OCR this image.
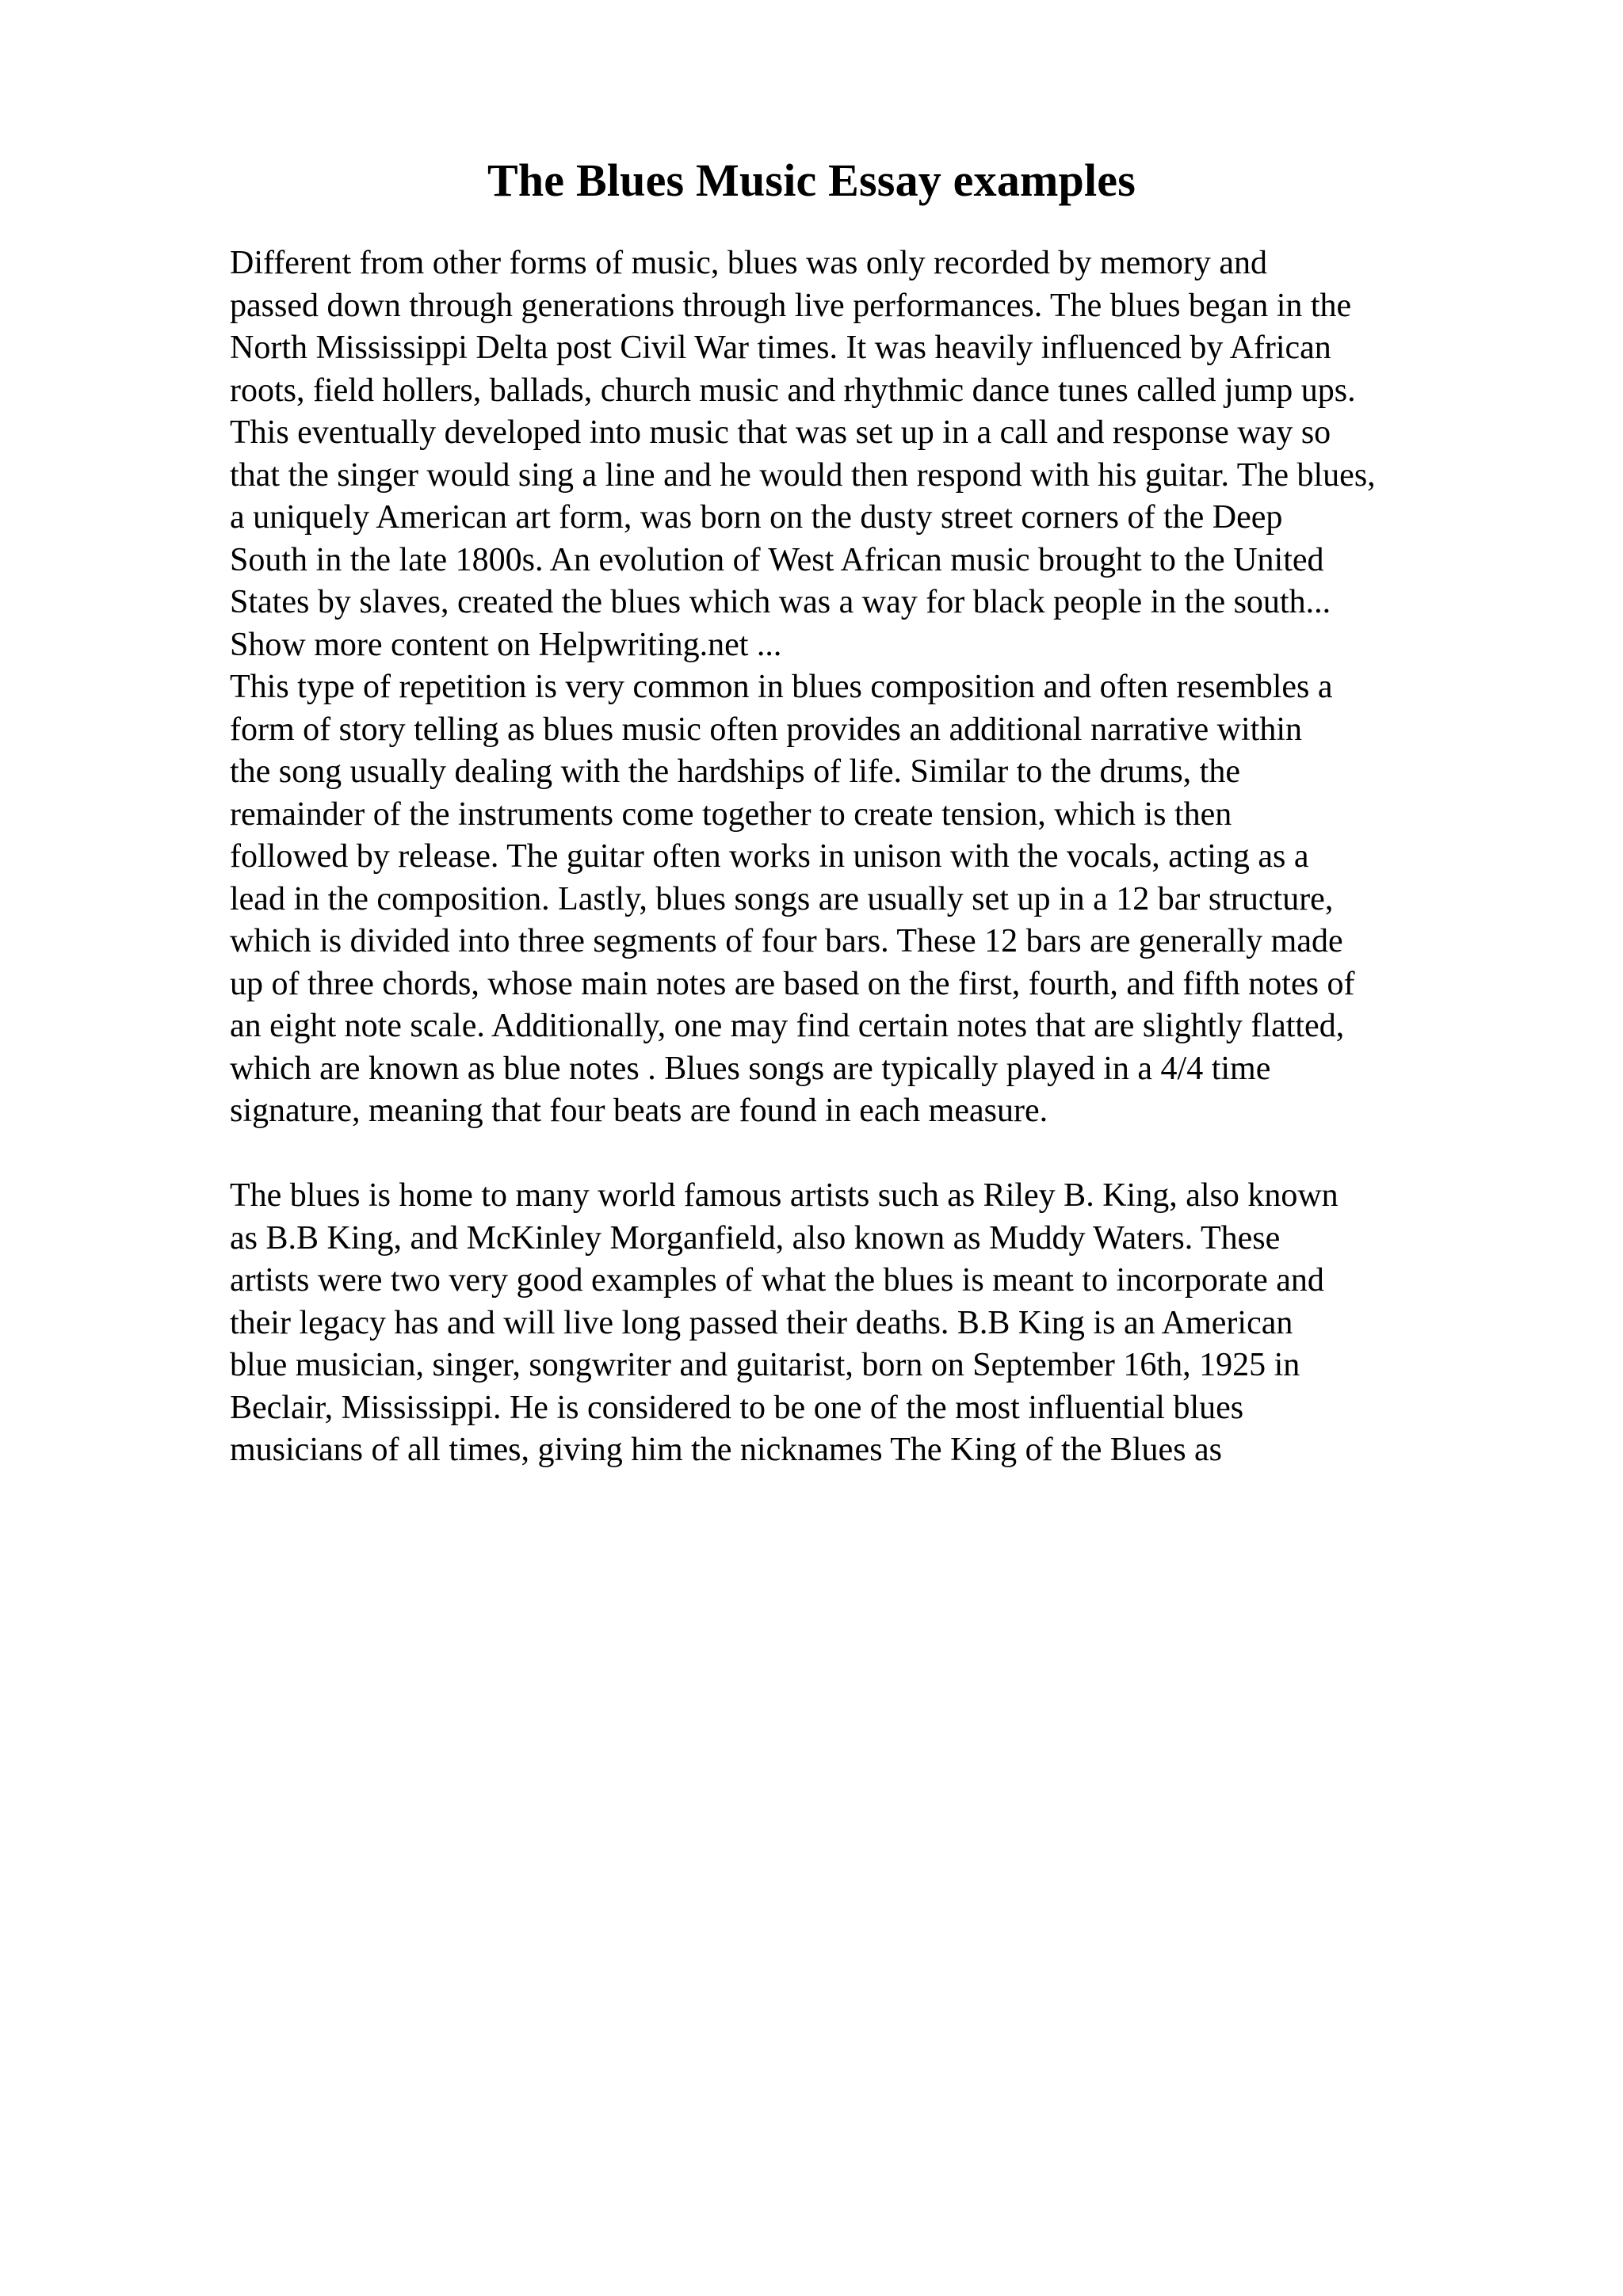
The Blues Music Essay examples
Different from other forms of music, blues was only recorded by memory and
passed down through generations through live performances. The blues began in the
North Mississippi Delta post Civil War times. It was heavily influenced by African
roots, field hollers, ballads, church music and rhythmic dance tunes called jump ups.
This eventually developed into music that was set up in a call and response way so
that the singer would sing a line and he would then respond with his guitar. The blues,
a uniquely American art form, was born on the dusty street corners of the Deep
South in the late 1800s. An evolution of West African music brought to the United
States by slaves, created the blues which was a way for black people in the south...
Show more content on Helpwriting.net ...
This type of repetition is very common in blues composition and often resembles a
form of story telling as blues music often provides an additional narrative within
the song usually dealing with the hardships of life. Similar to the drums, the
remainder of the instruments come together to create tension, which is then
followed by release. The guitar often works in unison with the vocals, acting as a
lead in the composition. Lastly, blues songs are usually set up in a 12 bar structure,
which is divided into three segments of four bars. These 12 bars are generally made
up of three chords, whose main notes are based on the first, fourth, and fifth notes of
an eight note scale. Additionally, one may find certain notes that are slightly flatted,
which are known as blue notes . Blues songs are typically played in a 4/4 time
signature, meaning that four beats are found in each measure.
The blues is home to many world famous artists such as Riley B. King, also known
as B.B King, and McKinley Morganfield, also known as Muddy Waters. These
artists were two very good examples of what the blues is meant to incorporate and
their legacy has and will live long passed their deaths. B.B King is an American
blue musician, singer, songwriter and guitarist, born on September 16th, 1925 in
Beclair, Mississippi. He is considered to be one of the most influential blues
musicians of all times, giving him the nicknames The King of the Blues as
